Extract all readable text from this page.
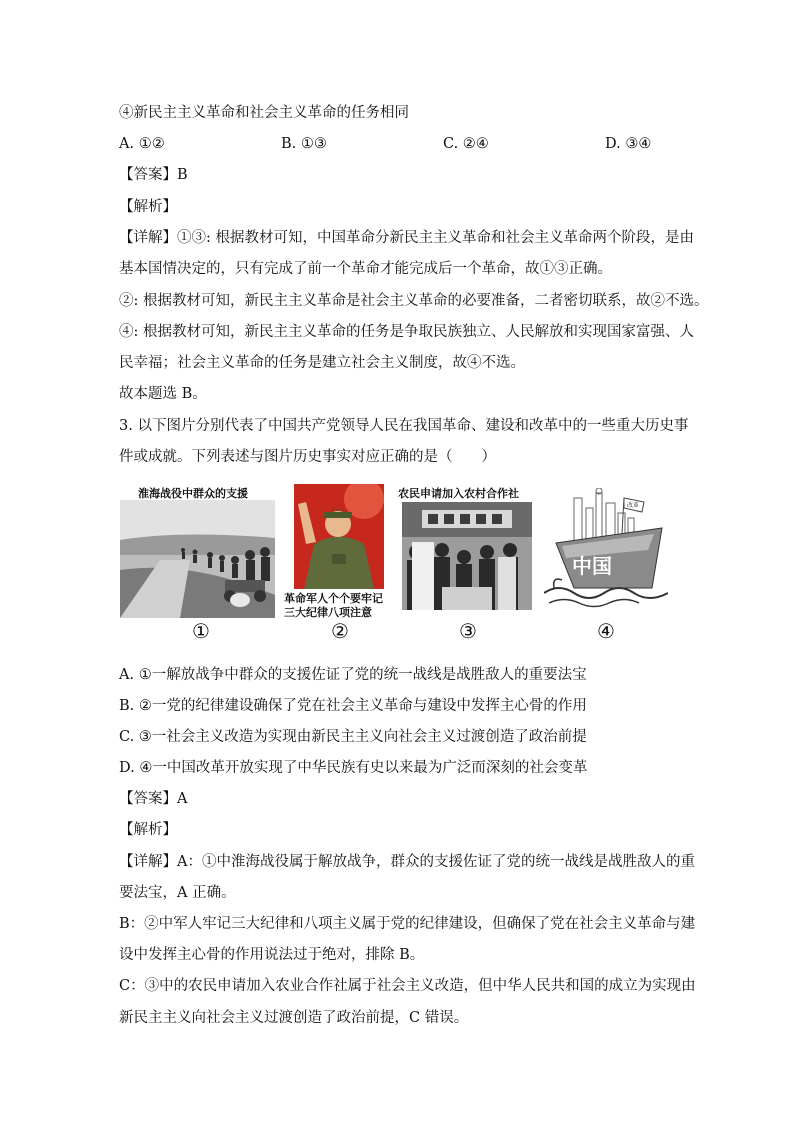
④新民主主义革命和社会主义革命的任务相同
A. ①②	B. ①③	C. ②④	D. ③④
【答案】B
【解析】
【详解】①③: 根据教材可知，中国革命分新民主主义革命和社会主义革命两个阶段，是由
基本国情决定的，只有完成了前一个革命才能完成后一个革命，故①③正确。
②: 根据教材可知，新民主主义革命是社会主义革命的必要准备，二者密切联系，故②不选。
④: 根据教材可知，新民主主义革命的任务是争取民族独立、人民解放和实现国家富强、人
民幸福；社会主义革命的任务是建立社会主义制度，故④不选。
故本题选 B。
3. 以下图片分别代表了中国共产党领导人民在我国革命、建设和改革中的一些重大历史事
件或成就。下列表述与图片历史事实对应正确的是（　　）
淮海战役中群众的支援
革命军人个个要牢记
三大纪律八项注意
农民申请加入农村合作社
中国
改革
①	②	③	④
A. ①一解放战争中群众的支援佐证了党的统一战线是战胜敌人的重要法宝
B. ②一党的纪律建设确保了党在社会主义革命与建设中发挥主心骨的作用
C. ③一社会主义改造为实现由新民主主义向社会主义过渡创造了政治前提
D. ④一中国改革开放实现了中华民族有史以来最为广泛而深刻的社会变革
【答案】A
【解析】
【详解】A：①中淮海战役属于解放战争，群众的支援佐证了党的统一战线是战胜敌人的重
要法宝，A 正确。
B：②中军人牢记三大纪律和八项主义属于党的纪律建设，但确保了党在社会主义革命与建
设中发挥主心骨的作用说法过于绝对，排除 B。
C：③中的农民申请加入农业合作社属于社会主义改造，但中华人民共和国的成立为实现由
新民主主义向社会主义过渡创造了政治前提，C 错误。
